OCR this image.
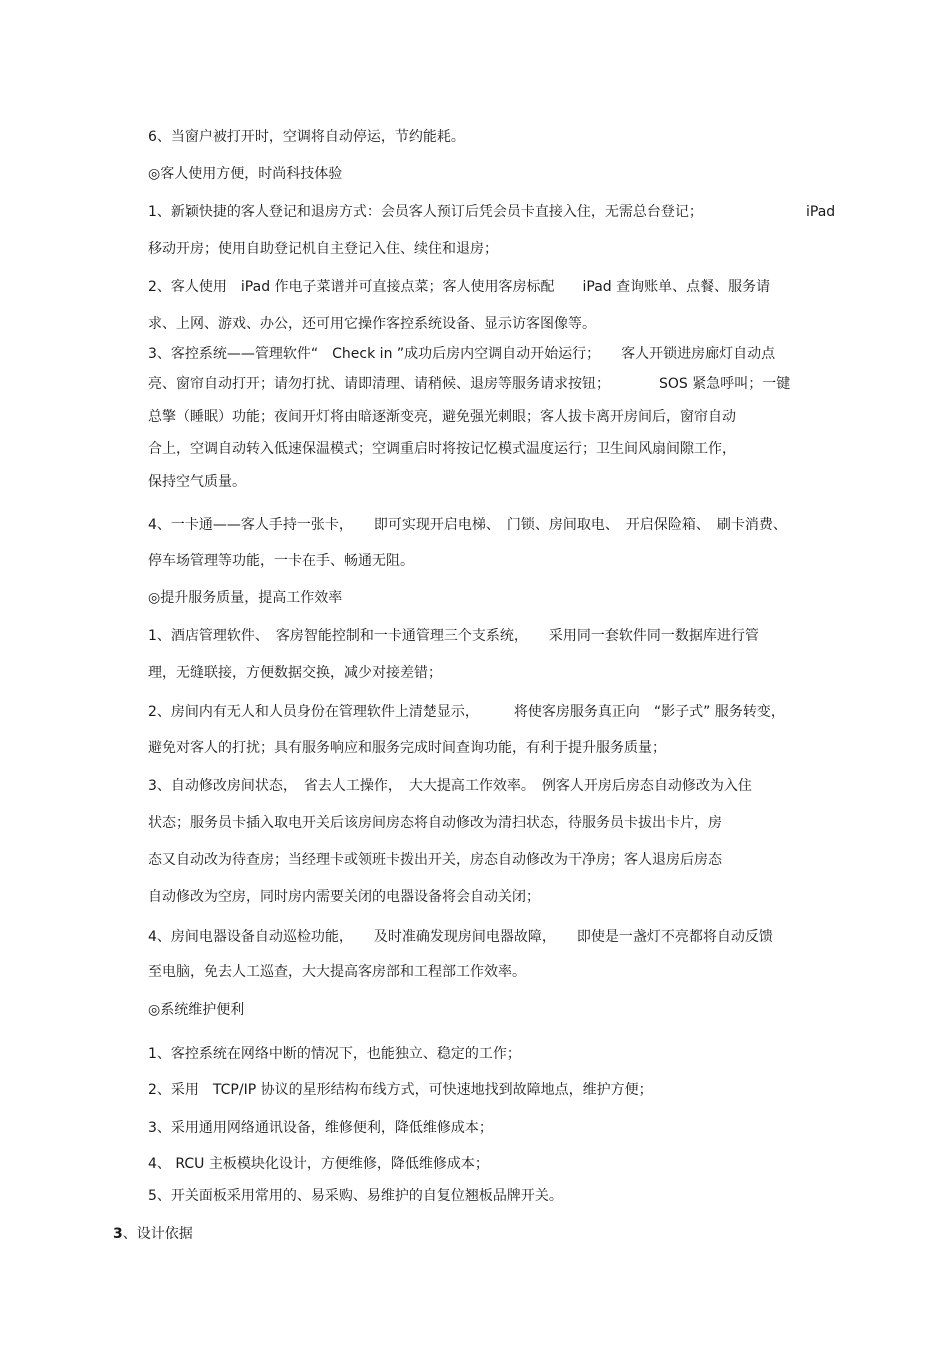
6、当窗户被打开时，空调将自动停运，节约能耗。
◎客人使用方便，时尚科技体验
1、新颖快捷的客人登记和退房方式：会员客人预订后凭会员卡直接入住，无需总台登记；	iPad
移动开房；使用自助登记机自主登记入住、续住和退房；
2、客人使用　iPad 作电子菜谱并可直接点菜；客人使用客房标配　　iPad 查询账单、点餐、服务请
求、上网、游戏、办公，还可用它操作客控系统设备、显示访客图像等。
3、客控系统——管理软件“　Check in ”成功后房内空调自动开始运行；　　客人开锁进房廊灯自动点
亮、窗帘自动打开；请勿打扰、请即清理、请稍候、退房等服务请求按钮；　　　　SOS 紧急呼叫；一键
总擎（睡眠）功能；夜间开灯将由暗逐渐变亮，避免强光刺眼；客人拔卡离开房间后，窗帘自动
合上，空调自动转入低速保温模式；空调重启时将按记忆模式温度运行；卫生间风扇间隙工作，
保持空气质量。
4、一卡通——客人手持一张卡，　　即可实现开启电梯、　门锁、房间取电、　开启保险箱、　刷卡消费、
停车场管理等功能，一卡在手、畅通无阻。
◎提升服务质量，提高工作效率
1、酒店管理软件、　客房智能控制和一卡通管理三个支系统，　　采用同一套软件同一数据库进行管
理，无缝联接，方便数据交换，减少对接差错；
2、房间内有无人和人员身份在管理软件上清楚显示，　　　将使客房服务真正向　“影子式” 服务转变，
避免对客人的打扰；具有服务响应和服务完成时间查询功能，有利于提升服务质量；
3、自动修改房间状态，　省去人工操作，　大大提高工作效率。　例客人开房后房态自动修改为入住
状态；服务员卡插入取电开关后该房间房态将自动修改为清扫状态，待服务员卡拔出卡片，房
态又自动改为待查房；当经理卡或领班卡拨出开关，房态自动修改为干净房；客人退房后房态
自动修改为空房，同时房内需要关闭的电器设备将会自动关闭；
4、房间电器设备自动巡检功能，　　及时准确发现房间电器故障，　　即使是一盏灯不亮都将自动反馈
至电脑，免去人工巡查，大大提高客房部和工程部工作效率。
◎系统维护便利
1、客控系统在网络中断的情况下，也能独立、稳定的工作；
2、采用　TCP/IP 协议的星形结构布线方式，可快速地找到故障地点，维护方便；
3、采用通用网络通讯设备，维修便利，降低维修成本；
4、 RCU 主板模块化设计，方便维修，降低维修成本；
5、开关面板采用常用的、易采购、易维护的自复位翘板品牌开关。
3、设计依据
